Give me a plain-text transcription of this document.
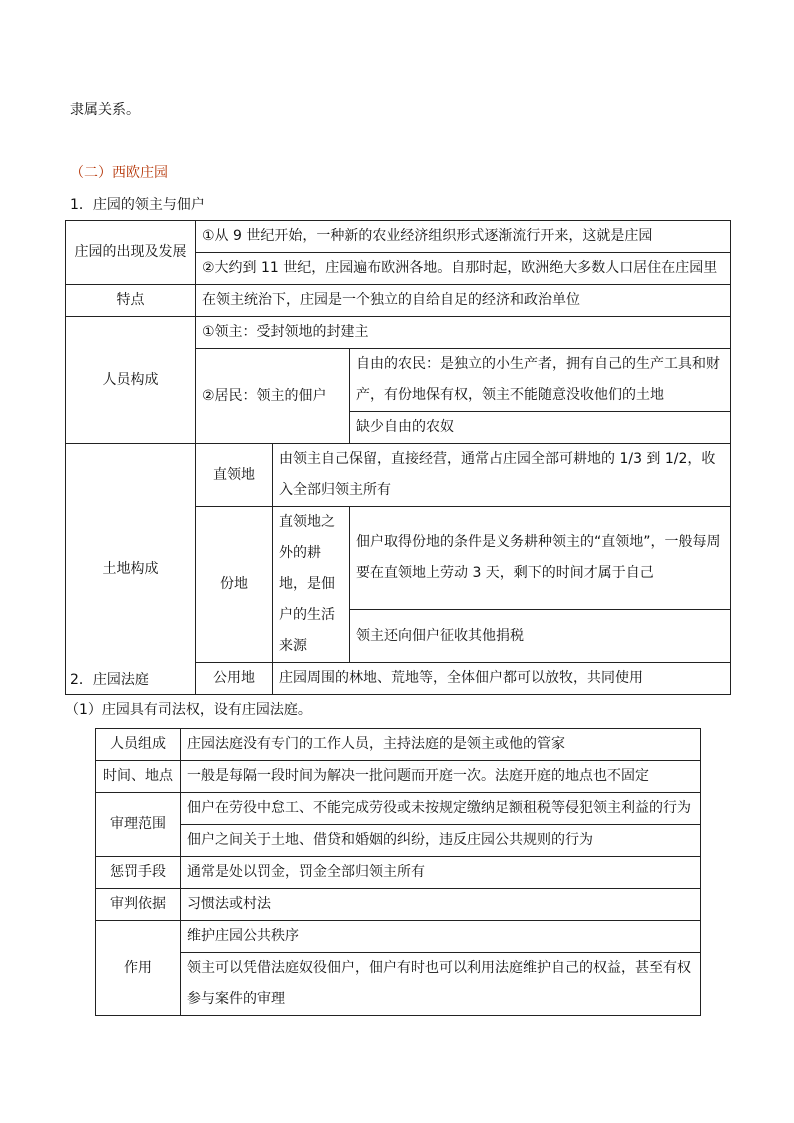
隶属关系。
（二）西欧庄园
1．庄园的领主与佃户
庄园的出现及发展	①从 9 世纪开始，一种新的农业经济组织形式逐渐流行开来，这就是庄园		
	②大约到 11 世纪，庄园遍布欧洲各地。自那时起，欧洲绝大多数人口居住在庄园里		
特点	在领主统治下，庄园是一个独立的自给自足的经济和政治单位		
人员构成	①领主：受封领地的封建主		
	②居民：领主的佃户		自由的农民：是独立的小生产者，拥有自己的生产工具和财产，有份地保有权，领主不能随意没收他们的土地

			缺少自由的农奴
土地构成	直领地	由领主自己保留，直接经营，通常占庄园全部可耕地的 1/3 到 1/2，收入全部归领主所有	

	份地	直领地之外的耕地，是佃户的生活来源	佃户取得份地的条件是义务耕种领主的“直领地”，一般每周要在直领地上劳动 3 天，剩下的时间才属于自己

			领主还向佃户征收其他捐税
	公用地	庄园周围的林地、荒地等，全体佃户都可以放牧，共同使用	
2．庄园法庭
（1）庄园具有司法权，设有庄园法庭。
人员组成	庄园法庭没有专门的工作人员，主持法庭的是领主或他的管家
时间、地点	一般是每隔一段时间为解决一批问题而开庭一次。法庭开庭的地点也不固定
审理范围	佃户在劳役中怠工、不能完成劳役或未按规定缴纳足额租税等侵犯领主利益的行为
	佃户之间关于土地、借贷和婚姻的纠纷，违反庄园公共规则的行为
惩罚手段	通常是处以罚金，罚金全部归领主所有
审判依据	习惯法或村法
作用	维护庄园公共秩序
	领主可以凭借法庭奴役佃户，佃户有时也可以利用法庭维护自己的权益，甚至有权参与案件的审理
